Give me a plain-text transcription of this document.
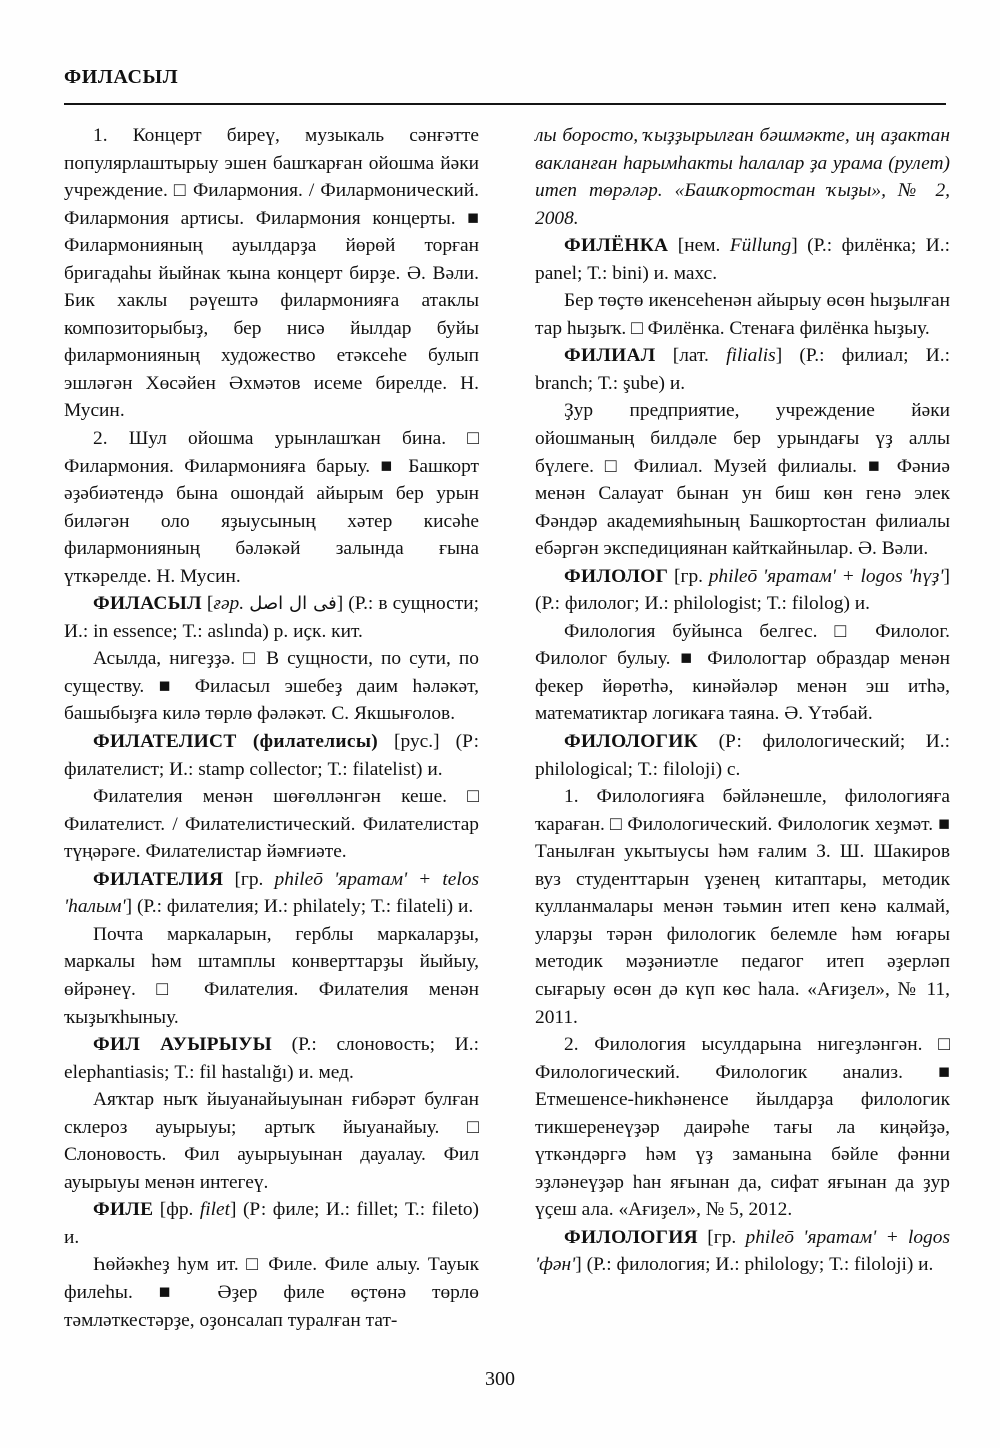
ФИЛАСЫЛ

1. Концерт биреү, музыкаль сәнғәтте популярлаштырыу эшен башҡарған ойошма йәки учреждение. □ Филармония. / Филармонический. Филармония артисы. Филармония концерты. ■ Филармонияның ауылдарҙа йөрөй торған бригадаһы йыйнак ҡына концерт бирҙе. Ә. Вәли. Бик хаклы рәүештә филармонияға атаклы композиторыбыҙ, бер нисә йылдар буйы филармонияның художество етәксеһе булып эшләгән Хөсәйен Әхмәтов исеме бирелде. Н. Мусин.

2. Шул ойошма урынлашҡан бина. □ Филармония. Филармонияға барыу. ■ Башкорт әҙәбиәтендә бына ошондай айырым бер урын биләгән оло яҙыусының хәтер кисәһе филармонияның бәләкәй залында ғына үткәрелде. Н. Мусин.

ФИЛАСЫЛ [ғәр. فى ال اصل] (Р.: в сущности; И.: in essence; Т.: aslında) р. иҫк. кит.

Асылда, нигеҙҙә. □ В сущности, по сути, по существу. ■ Филасыл эшебеҙ даим һәләкәт, башыбыҙға килә төрлө фәләкәт. С. Якшығолов.

ФИЛАТЕЛИСТ (филателисы) [рус.] (Р: филателист; И.: stamp collector; Т.: filatelist) и.

Филателия менән шөғөлләнгән кеше. □ Филателист. / Филателистический. Филателистар түңәрәге. Филателистар йәмғиәте.

ФИЛАТЕЛИЯ [гр. phileō 'яратам' + telos 'һалым'] (Р.: филателия; И.: philately; Т.: filateli) и.

Почта маркаларын, герблы маркаларҙы, маркалы һәм штамплы конверттарҙы йыйыу, өйрәнеү. □ Филателия. Филателия менән ҡыҙыҡһыныу.

ФИЛ АУЫРЫУЫ (Р.: слоновость; И.: elephantiasis; Т.: fil hastalığı) и. мед.

Аяҡтар ныҡ йыуанайыуынан ғибәрәт булған склероз ауырыуы; артыҡ йыуанайыу. □ Слоновость. Фил ауырыуынан дауалау. Фил ауырыуы менән интегеү.

ФИЛЕ [фр. filet] (Р: филе; И.: fillet; Т.: fileto) и.

Һөйәкһеҙ hyм ит. □ Филе. Филе алыу. Тауык филеһы. ■ Әҙер филе өҫтөнә төрлө тәмләткестәрҙе, оҙонсалап туралған тат-

лы боросто, ҡыҙҙырылған бәшмәкте, иң аҙактан вакланған hарымhакты hалалар ҙа урама (рулет) итеп төрәләр. «Башҡортостан ҡыҙы», № 2, 2008.

ФИЛЁНКА [нем. Füllung] (Р.: филёнка; И.: panel; Т.: bini) и. махс.

Бер төҫтө икенсеһенән айырыу өсөн hыҙылған тар hыҙыҡ. □ Филёнка. Стенаға филёнка hыҙыу.

ФИЛИАЛ [лат. filialis] (Р.: филиал; И.: branch; Т.: şube) и.

Ҙур предприятие, учреждение йәки ойошманың билдәле бер урындағы үҙ аллы бүлеге. □ Филиал. Музей филиалы. ■ Фәниә менән Салауат бынан ун биш көн генә элек Фәндәр академияһының Башкортостан филиалы ебәргән экспедициянан кайткайнылар. Ә. Вәли.

ФИЛОЛОГ [гр. phileō 'яратам' + logos 'hүҙ'] (Р.: филолог; И.: philologist; Т.: filolog) и.

Филология буйынса белгес. □ Филолог. Филолог булыу. ■ Филологтар образдар менән фекер йөрөтһә, кинәйәләр менән эш итһә, математиктар логикаға таяна. Ә. Үтәбай.

ФИЛОЛОГИК (Р: филологический; И.: philological; Т.: filoloji) с.

1. Филологияға бәйләнешле, филологияға ҡараған. □ Филологический. Филологик хеҙмәт. ■ Танылған укытыусы hәм ғалим З. Ш. Шакиров вуз студенттарын үҙенең китаптары, методик кулланмалары менән тәьмин итеп кенә калмай, уларҙы тәрән филологик белемле hәм юғары методик мәҙәниәтле педагог итеп әҙерләп сығарыу өсөн дә күп көс hала. «Ағиҙел», № 11, 2011.

2. Филология ысулдарына нигеҙләнгән. □ Филологический. Филологик анализ. ■ Етмешенсе-hикhәненсе йылдарҙа филологик тикшеренеүҙәр даирәhе тағы ла киңәйҙә, үткәндәргә hәм үҙ заманына бәйле фәнни эҙләнеүҙәр hан яғынан да, сифат яғынан да ҙур үҫеш ала. «Ағиҙел», № 5, 2012.

ФИЛОЛОГИЯ [гр. phileō 'яратам' + logos 'фән'] (Р.: филология; И.: philology; Т.: filoloji) и.

300
